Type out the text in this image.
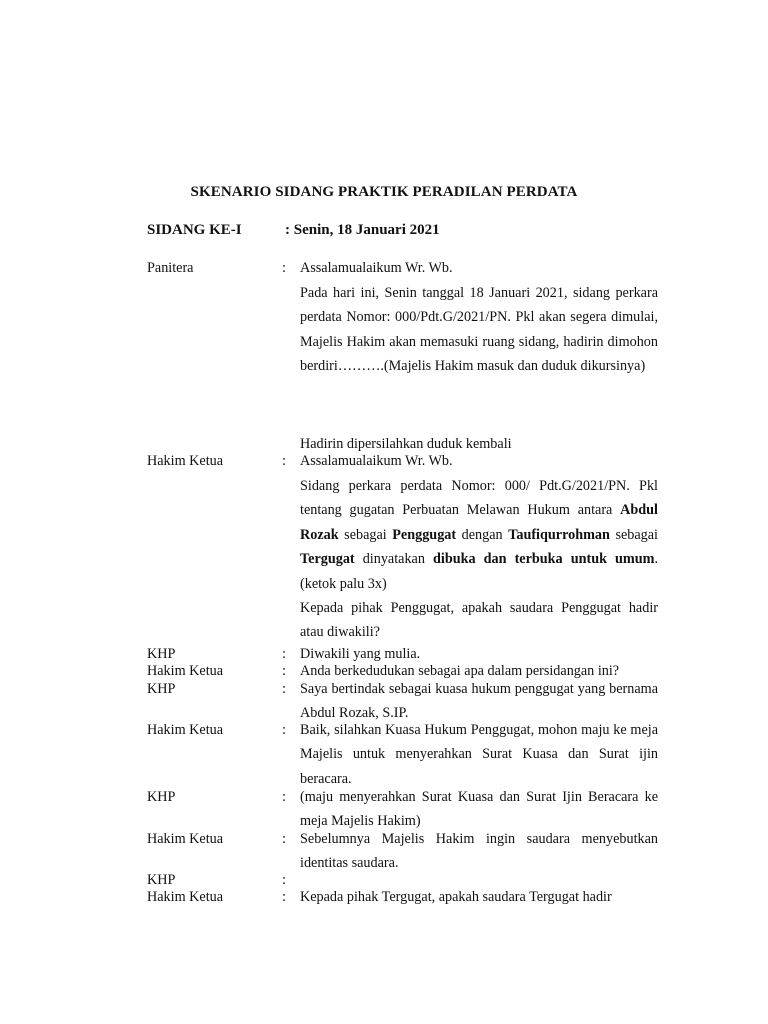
SKENARIO SIDANG PRAKTIK PERADILAN PERDATA
SIDANG KE-I	: Senin, 18 Januari 2021
Panitera	: Assalamualaikum Wr. Wb.

Pada hari ini, Senin tanggal 18 Januari 2021, sidang perkara perdata Nomor: 000/Pdt.G/2021/PN. Pkl akan segera dimulai, Majelis Hakim akan memasuki ruang sidang, hadirin dimohon berdiri……….(Majelis Hakim masuk dan duduk dikursinya)

Hadirin dipersilahkan duduk kembali

Hakim Ketua	: Assalamualaikum Wr. Wb.

Sidang perkara perdata Nomor: 000/ Pdt.G/2021/PN. Pkl tentang gugatan Perbuatan Melawan Hukum antara Abdul Rozak sebagai Penggugat dengan Taufiqurrohman sebagai Tergugat dinyatakan dibuka dan terbuka untuk umum. (ketok palu 3x)

Kepada pihak Penggugat, apakah saudara Penggugat hadir atau diwakili?

KHP	: Diwakili yang mulia.
Hakim Ketua	: Anda berkedudukan sebagai apa dalam persidangan ini?
KHP	: Saya bertindak sebagai kuasa hukum penggugat yang bernama Abdul Rozak, S.IP.
Hakim Ketua	: Baik, silahkan Kuasa Hukum Penggugat, mohon maju ke meja Majelis untuk menyerahkan Surat Kuasa dan Surat ijin beracara.
KHP	: (maju menyerahkan Surat Kuasa dan Surat Ijin Beracara ke meja Majelis Hakim)
Hakim Ketua	: Sebelumnya Majelis Hakim ingin saudara menyebutkan identitas saudara.
KHP	:
Hakim Ketua	: Kepada pihak Tergugat, apakah saudara Tergugat hadir
